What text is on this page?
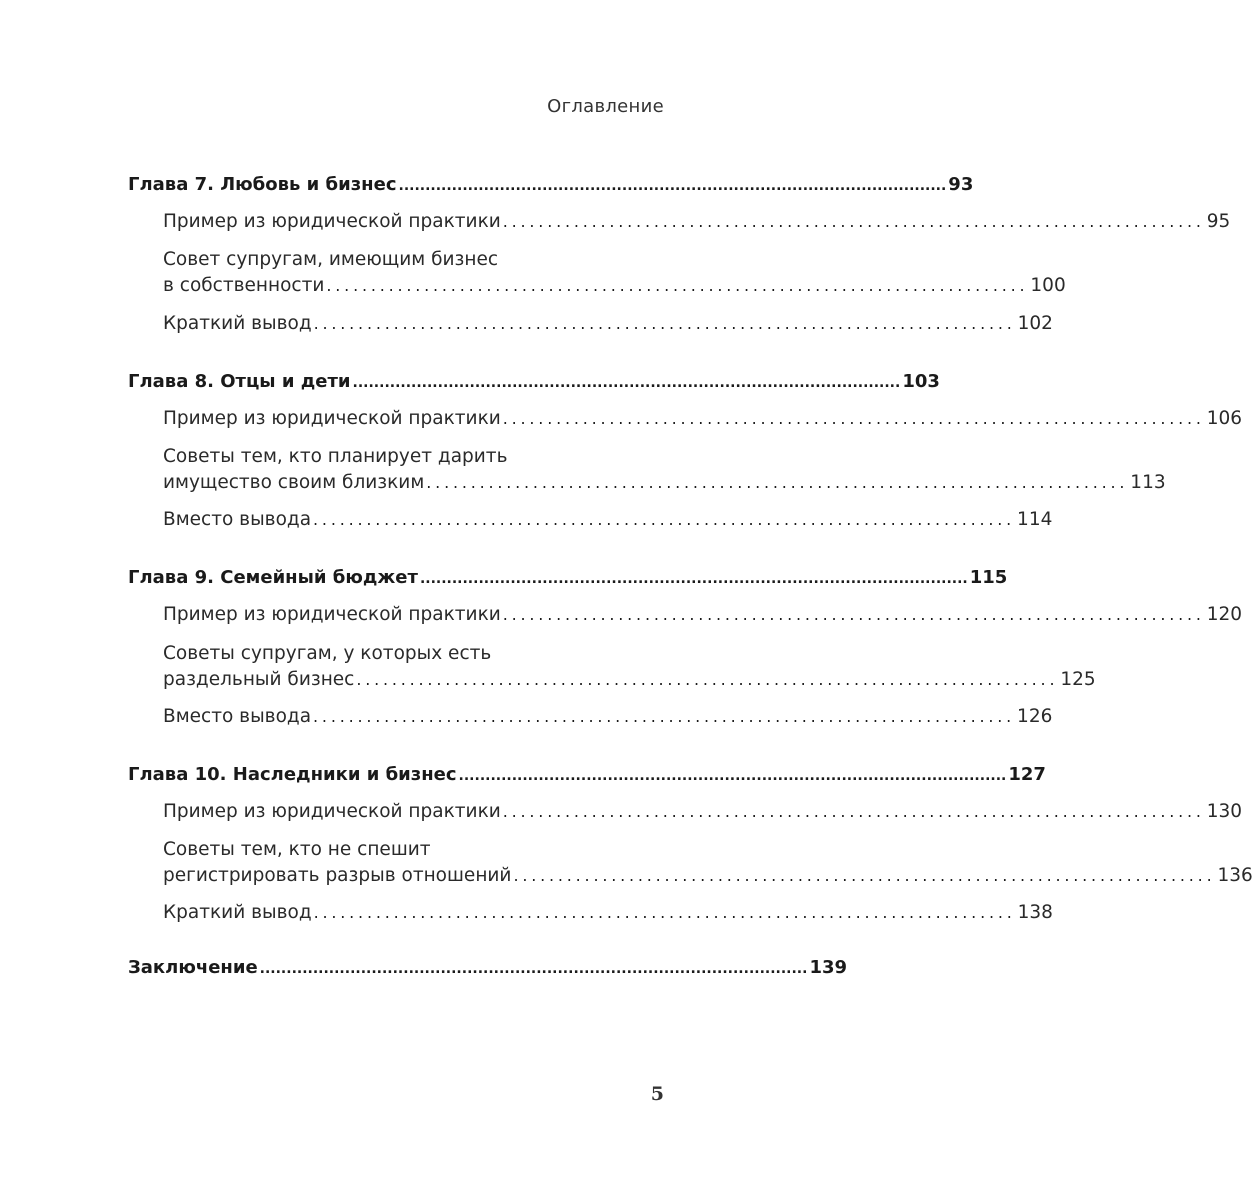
Оглавление
Глава 7. Любовь и бизнес ....................................................................................................... 93
Пример из юридической практики ............................................................................... 95
Совет супругам, имеющим бизнес
в собственности ............................................................................... 100
Краткий вывод ............................................................................... 102
Глава 8. Отцы и дети ....................................................................................................... 103
Пример из юридической практики ............................................................................... 106
Советы тем, кто планирует дарить
имущество своим близким ............................................................................... 113
Вместо вывода ............................................................................... 114
Глава 9. Семейный бюджет ....................................................................................................... 115
Пример из юридической практики ............................................................................... 120
Советы супругам, у которых есть
раздельный бизнес ............................................................................... 125
Вместо вывода ............................................................................... 126
Глава 10. Наследники и бизнес ....................................................................................................... 127
Пример из юридической практики ............................................................................... 130
Советы тем, кто не спешит
регистрировать разрыв отношений ............................................................................... 136
Краткий вывод ............................................................................... 138
Заключение ....................................................................................................... 139
5
